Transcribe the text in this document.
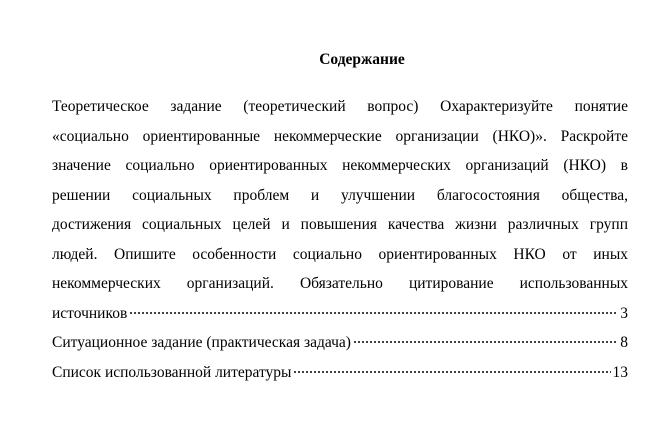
Содержание
Теоретическое задание (теоретический вопрос) Охарактеризуйте понятие
«социально ориентированные некоммерческие организации (НКО)». Раскройте
значение социально ориентированных некоммерческих организаций (НКО) в
решении социальных проблем и улучшении благосостояния общества,
достижения социальных целей и повышения качества жизни различных групп
людей. Опишите особенности социально ориентированных НКО от иных
некоммерческих организаций. Обязательно цитирование использованных
источников	3
Ситуационное задание (практическая задача)	8
Список использованной литературы	13
